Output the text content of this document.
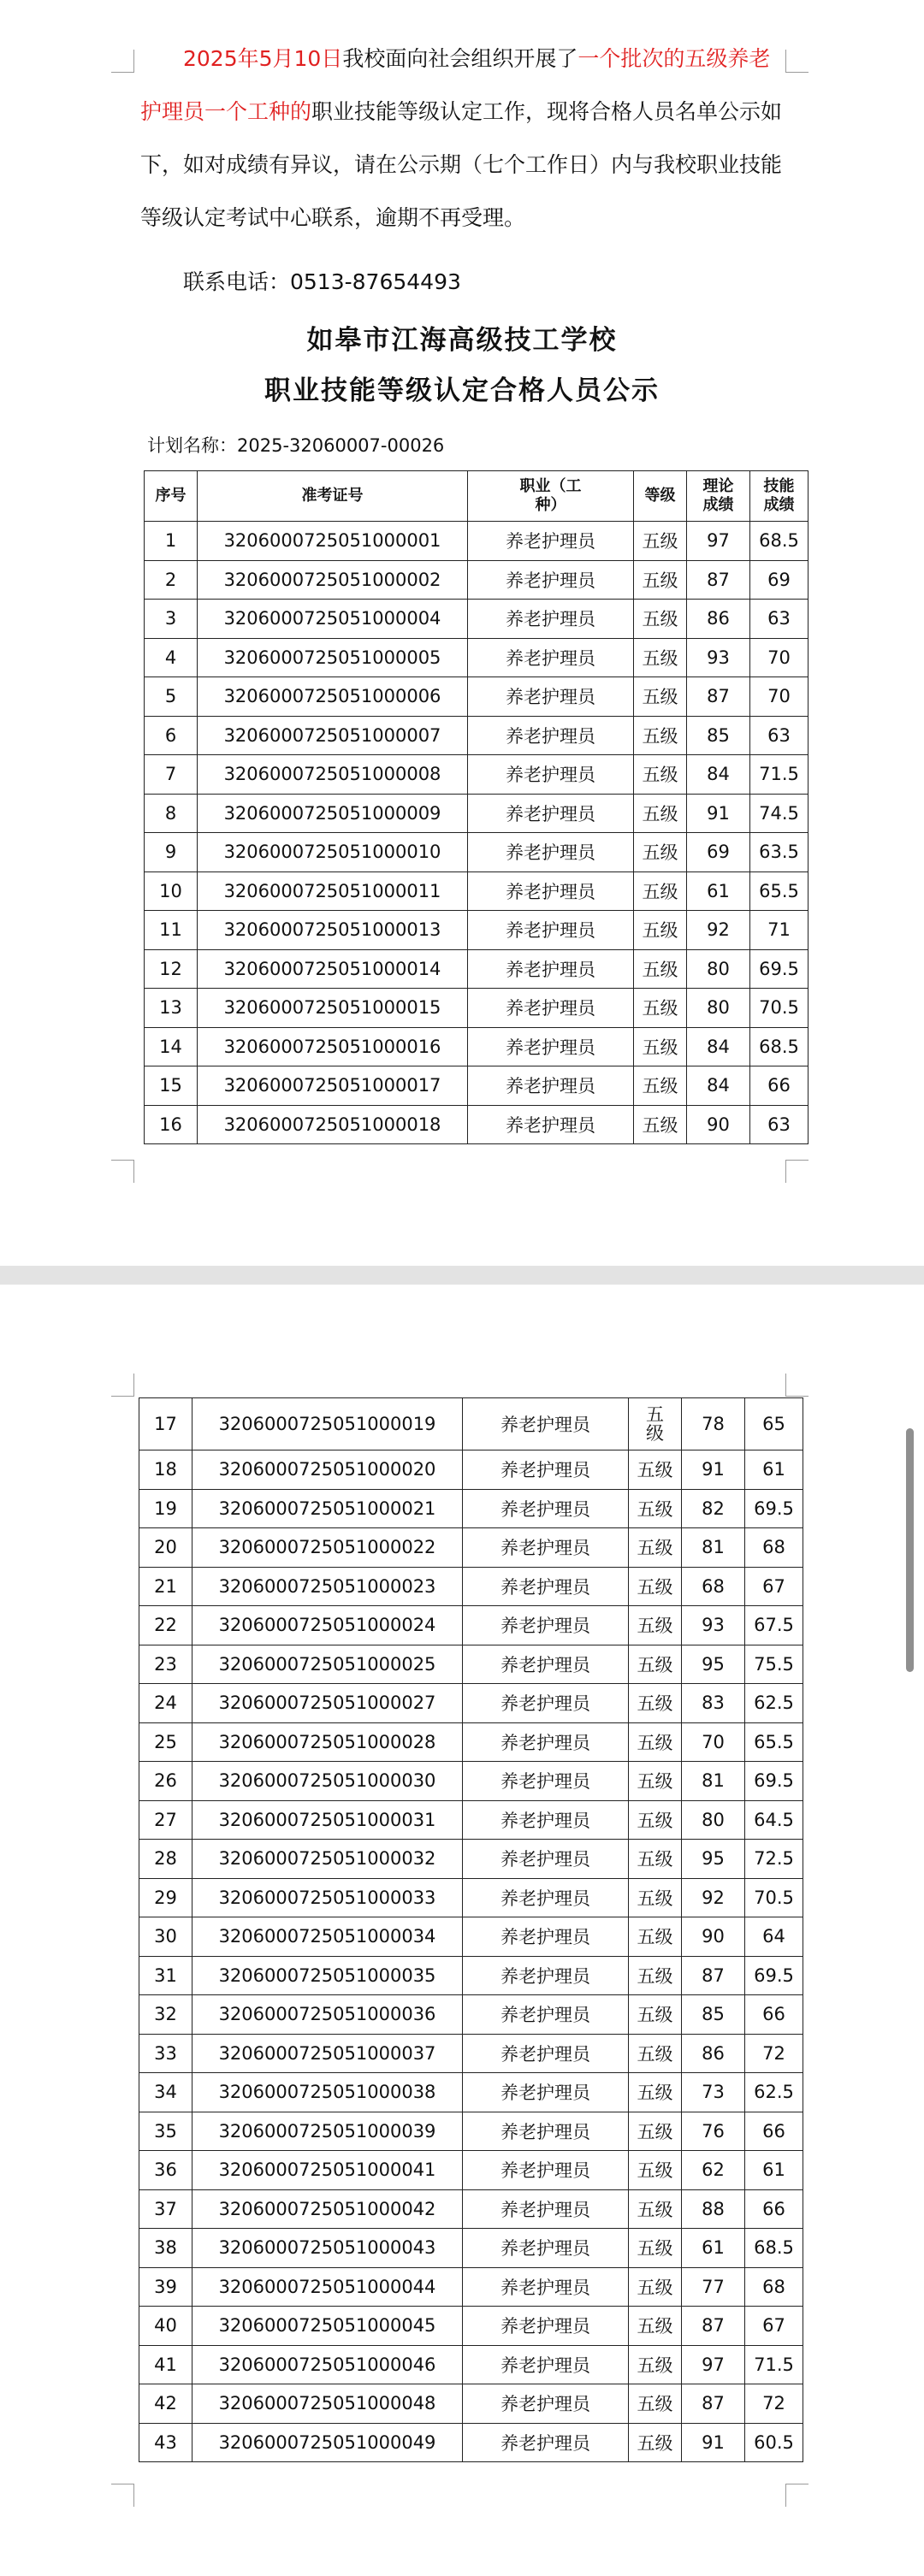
2025年5月10日我校面向社会组织开展了一个批次的五级养老护理员一个工种的职业技能等级认定工作，现将合格人员名单公示如下，如对成绩有异议，请在公示期（七个工作日）内与我校职业技能等级认定考试中心联系，逾期不再受理。

联系电话：0513-87654493
如皋市江海高级技工学校
职业技能等级认定合格人员公示
计划名称：2025-32060007-00026
序号	准考证号	职业（工种）	等级	理论成绩	技能成绩
1	3206000725051000001	养老护理员	五级	97	68.5
2	3206000725051000002	养老护理员	五级	87	69
3	3206000725051000004	养老护理员	五级	86	63
4	3206000725051000005	养老护理员	五级	93	70
5	3206000725051000006	养老护理员	五级	87	70
6	3206000725051000007	养老护理员	五级	85	63
7	3206000725051000008	养老护理员	五级	84	71.5
8	3206000725051000009	养老护理员	五级	91	74.5
9	3206000725051000010	养老护理员	五级	69	63.5
10	3206000725051000011	养老护理员	五级	61	65.5
11	3206000725051000013	养老护理员	五级	92	71
12	3206000725051000014	养老护理员	五级	80	69.5
13	3206000725051000015	养老护理员	五级	80	70.5
14	3206000725051000016	养老护理员	五级	84	68.5
15	3206000725051000017	养老护理员	五级	84	66
16	3206000725051000018	养老护理员	五级	90	63
17	3206000725051000019	养老护理员	五级	78	65
18	3206000725051000020	养老护理员	五级	91	61
19	3206000725051000021	养老护理员	五级	82	69.5
20	3206000725051000022	养老护理员	五级	81	68
21	3206000725051000023	养老护理员	五级	68	67
22	3206000725051000024	养老护理员	五级	93	67.5
23	3206000725051000025	养老护理员	五级	95	75.5
24	3206000725051000027	养老护理员	五级	83	62.5
25	3206000725051000028	养老护理员	五级	70	65.5
26	3206000725051000030	养老护理员	五级	81	69.5
27	3206000725051000031	养老护理员	五级	80	64.5
28	3206000725051000032	养老护理员	五级	95	72.5
29	3206000725051000033	养老护理员	五级	92	70.5
30	3206000725051000034	养老护理员	五级	90	64
31	3206000725051000035	养老护理员	五级	87	69.5
32	3206000725051000036	养老护理员	五级	85	66
33	3206000725051000037	养老护理员	五级	86	72
34	3206000725051000038	养老护理员	五级	73	62.5
35	3206000725051000039	养老护理员	五级	76	66
36	3206000725051000041	养老护理员	五级	62	61
37	3206000725051000042	养老护理员	五级	88	66
38	3206000725051000043	养老护理员	五级	61	68.5
39	3206000725051000044	养老护理员	五级	77	68
40	3206000725051000045	养老护理员	五级	87	67
41	3206000725051000046	养老护理员	五级	97	71.5
42	3206000725051000048	养老护理员	五级	87	72
43	3206000725051000049	养老护理员	五级	91	60.5
